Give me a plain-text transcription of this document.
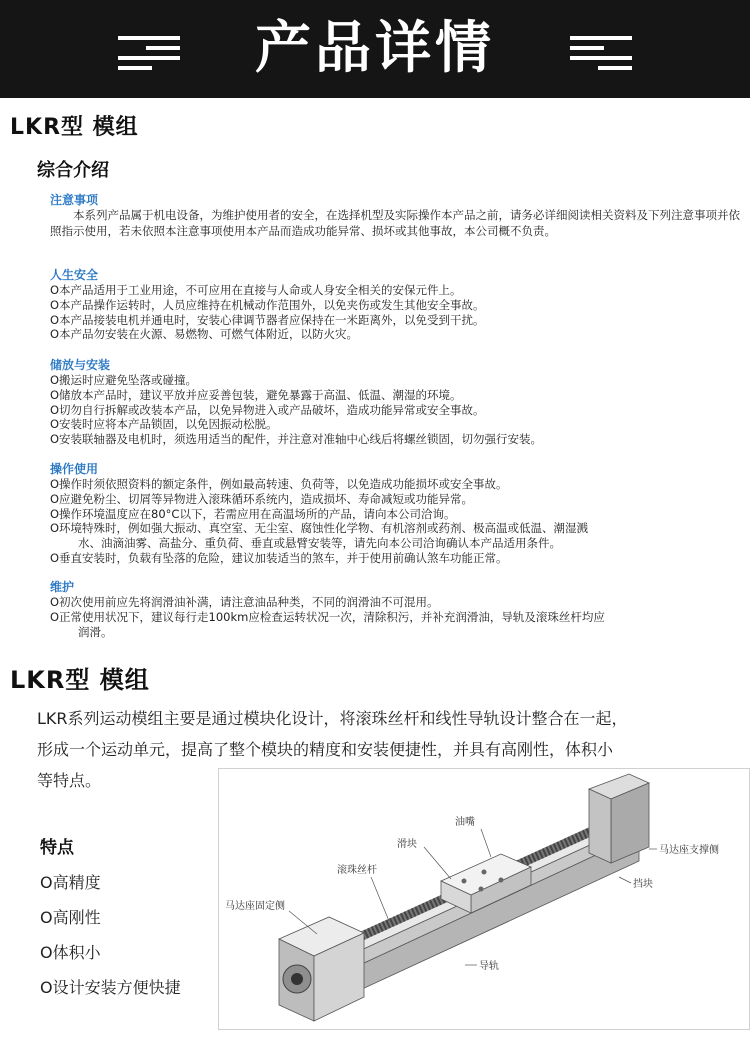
产品详情
LKR型 模组
综合介绍
注意事项
本系列产品属于机电设备，为维护使用者的安全，在选择机型及实际操作本产品之前，请务必详细阅读相关资料及下列注意事项并依照指示使用，若未依照本注意事项使用本产品而造成功能异常、损坏或其他事故，本公司概不负责。
人生安全
O本产品适用于工业用途，不可应用在直接与人命或人身安全相关的安保元件上。
O本产品操作运转时，人员应维持在机械动作范围外，以免夹伤或发生其他安全事故。
O本产品接装电机并通电时，安装心律调节器者应保持在一米距离外，以免受到干扰。
O本产品勿安装在火源、易燃物、可燃气体附近，以防火灾。
储放与安装
O搬运时应避免坠落或碰撞。
O储放本产品时，建议平放并应妥善包装，避免暴露于高温、低温、潮湿的环境。
O切勿自行拆解或改装本产品，以免异物进入或产品破坏，造成功能异常或安全事故。
O安装时应将本产品锁固，以免因振动松脱。
O安装联轴器及电机时，须选用适当的配件，并注意对准轴中心线后将螺丝锁固，切勿强行安装。
操作使用
O操作时须依照资料的额定条件，例如最高转速、负荷等，以免造成功能损坏或安全事故。
O应避免粉尘、切屑等异物进入滚珠循环系统内，造成损坏、寿命减短或功能异常。
O操作环境温度应在80°C以下，若需应用在高温场所的产品，请向本公司洽询。
O环境特殊时，例如强大振动、真空室、无尘室、腐蚀性化学物、有机溶剂或药剂、极高温或低温、潮湿溅
水、油滴油雾、高盐分、重负荷、垂直或悬臂安装等，请先向本公司洽询确认本产品适用条件。
O垂直安装时，负载有坠落的危险，建议加装适当的煞车，并于使用前确认煞车功能正常。
维护
O初次使用前应先将润滑油补满，请注意油品种类，不同的润滑油不可混用。
O正常使用状况下，建议每行走100km应检查运转状况一次，清除积污，并补充润滑油，导轨及滚珠丝杆均应
润滑。
LKR型 模组
LKR系列运动模组主要是通过模块化设计，将滚珠丝杆和线性导轨设计整合在一起，
形成一个运动单元，提高了整个模块的精度和安装便捷性，并具有高刚性，体积小
等特点。
特点
O高精度
O高刚性
O体积小
O设计安装方便快捷
油嘴
滑块
马达座支撑侧
滚珠丝杆
挡块
马达座固定侧
导轨
